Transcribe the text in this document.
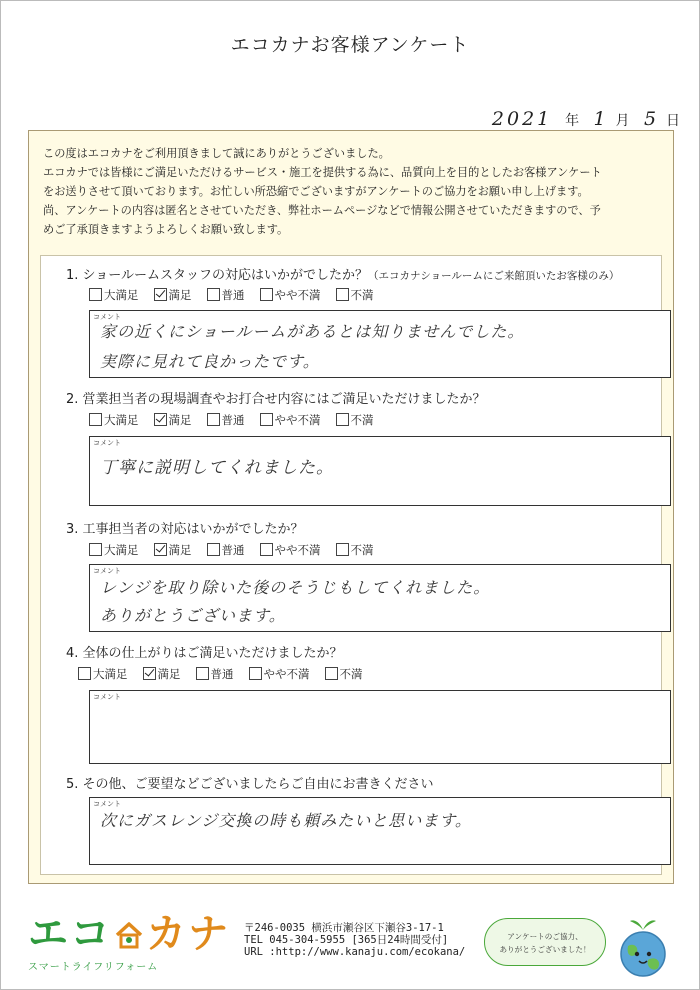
エコカナお客様アンケート
2021 年 1 月 5 日
この度はエコカナをご利用頂きまして誠にありがとうございました。
エコカナでは皆様にご満足いただけるサービス・施工を提供する為に、品質向上を目的としたお客様アンケート
をお送りさせて頂いております。お忙しい所恐縮でございますがアンケートのご協力をお願い申し上げます。
尚、アンケートの内容は匿名とさせていただき、弊社ホームページなどで情報公開させていただきますので、予
めご了承頂きますようよろしくお願い致します。
1. ショールームスタッフの対応はいかがでしたか？（エコカナショールームにご来館頂いたお客様のみ）
大満足	満足	普通	やや不満	不満
コメント
家の近くにショールームがあるとは知りませんでした。
実際に見れて良かったです。
2. 営業担当者の現場調査やお打合せ内容にはご満足いただけましたか？
大満足	満足	普通	やや不満	不満
コメント
丁寧に説明してくれました。
3. 工事担当者の対応はいかがでしたか？
大満足	満足	普通	やや不満	不満
コメント
レンジを取り除いた後のそうじもしてくれました。
ありがとうございます。
4. 全体の仕上がりはご満足いただけましたか？
大満足	満足	普通	やや不満	不満
コメント
5. その他、ご要望などございましたらご自由にお書きください
コメント
次にガスレンジ交換の時も頼みたいと思います。
エコ カナ
スマートライフリフォーム
〒246-0035 横浜市瀬谷区下瀬谷3-17-1
TEL 045-304-5955 [365日24時間受付]
URL :http://www.kanaju.com/ecokana/
アンケートのご協力、
ありがとうございました！
